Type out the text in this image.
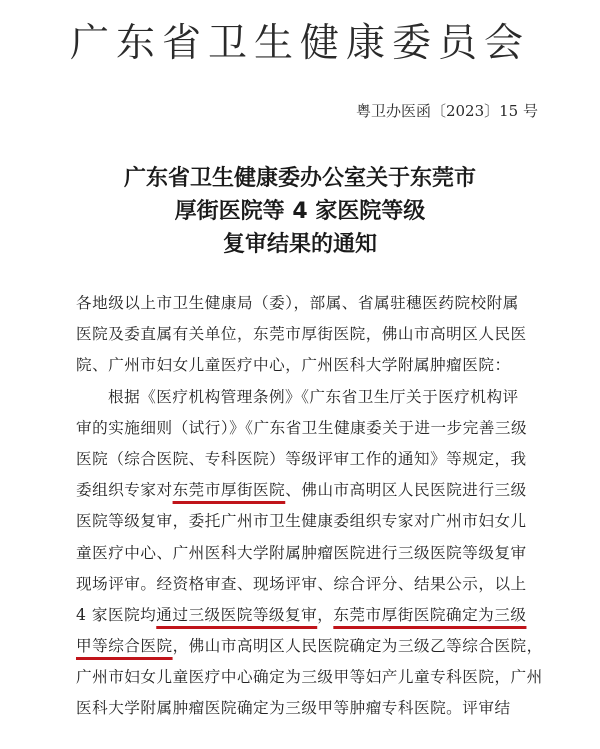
广东省卫生健康委员会
粤卫办医函〔2023〕15 号
广东省卫生健康委办公室关于东莞市
厚街医院等 4 家医院等级
复审结果的通知
各地级以上市卫生健康局（委），部属、省属驻穗医药院校附属
医院及委直属有关单位，东莞市厚街医院，佛山市高明区人民医
院、广州市妇女儿童医疗中心，广州医科大学附属肿瘤医院：
根据《医疗机构管理条例》《广东省卫生厅关于医疗机构评
审的实施细则（试行）》《广东省卫生健康委关于进一步完善三级
医院（综合医院、专科医院）等级评审工作的通知》等规定，我
委组织专家对东莞市厚街医院、佛山市高明区人民医院进行三级
医院等级复审，委托广州市卫生健康委组织专家对广州市妇女儿
童医疗中心、广州医科大学附属肿瘤医院进行三级医院等级复审
现场评审。经资格审查、现场评审、综合评分、结果公示，以上
4 家医院均通过三级医院等级复审，东莞市厚街医院确定为三级
甲等综合医院，佛山市高明区人民医院确定为三级乙等综合医院，
广州市妇女儿童医疗中心确定为三级甲等妇产儿童专科医院，广州
医科大学附属肿瘤医院确定为三级甲等肿瘤专科医院。评审结
